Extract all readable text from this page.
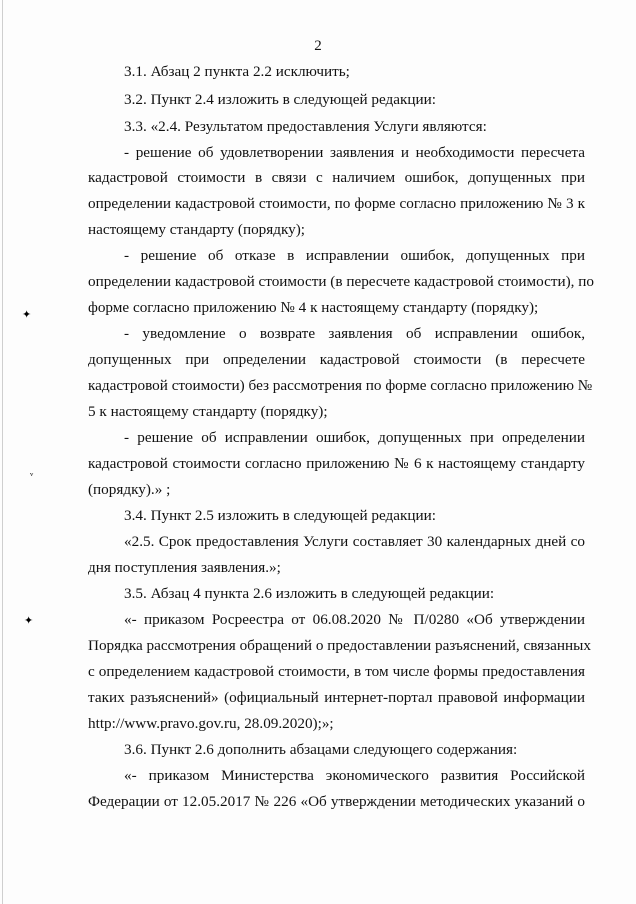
✦
ᵥ
✦
2
3.1. Абзац 2 пункта 2.2 исключить;
3.2. Пункт 2.4 изложить в следующей редакции:
3.3. «2.4. Результатом предоставления Услуги являются:
- решение об удовлетворении заявления и необходимости пересчета
кадастровой стоимости в связи с наличием ошибок, допущенных при
определении кадастровой стоимости, по форме согласно приложению № 3 к
настоящему стандарту (порядку);
- решение об отказе в исправлении ошибок, допущенных при
определении кадастровой стоимости (в пересчете кадастровой стоимости), по
форме согласно приложению № 4 к настоящему стандарту (порядку);
- уведомление о возврате заявления об исправлении ошибок,
допущенных при определении кадастровой стоимости (в пересчете
кадастровой стоимости) без рассмотрения по форме согласно приложению №
5 к настоящему стандарту (порядку);
- решение об исправлении ошибок, допущенных при определении
кадастровой стоимости согласно приложению № 6 к настоящему стандарту
(порядку).» ;
3.4. Пункт 2.5 изложить в следующей редакции:
«2.5. Срок предоставления Услуги составляет 30 календарных дней со
дня поступления заявления.»;
3.5. Абзац 4 пункта 2.6 изложить в следующей редакции:
«- приказом Росреестра от 06.08.2020 № П/0280 «Об утверждении
Порядка рассмотрения обращений о предоставлении разъяснений, связанных
с определением кадастровой стоимости, в том числе формы предоставления
таких разъяснений» (официальный интернет-портал правовой информации
http://www.pravo.gov.ru, 28.09.2020);»;
3.6. Пункт 2.6 дополнить абзацами следующего содержания:
«- приказом Министерства экономического развития Российской
Федерации от 12.05.2017 № 226 «Об утверждении методических указаний о
